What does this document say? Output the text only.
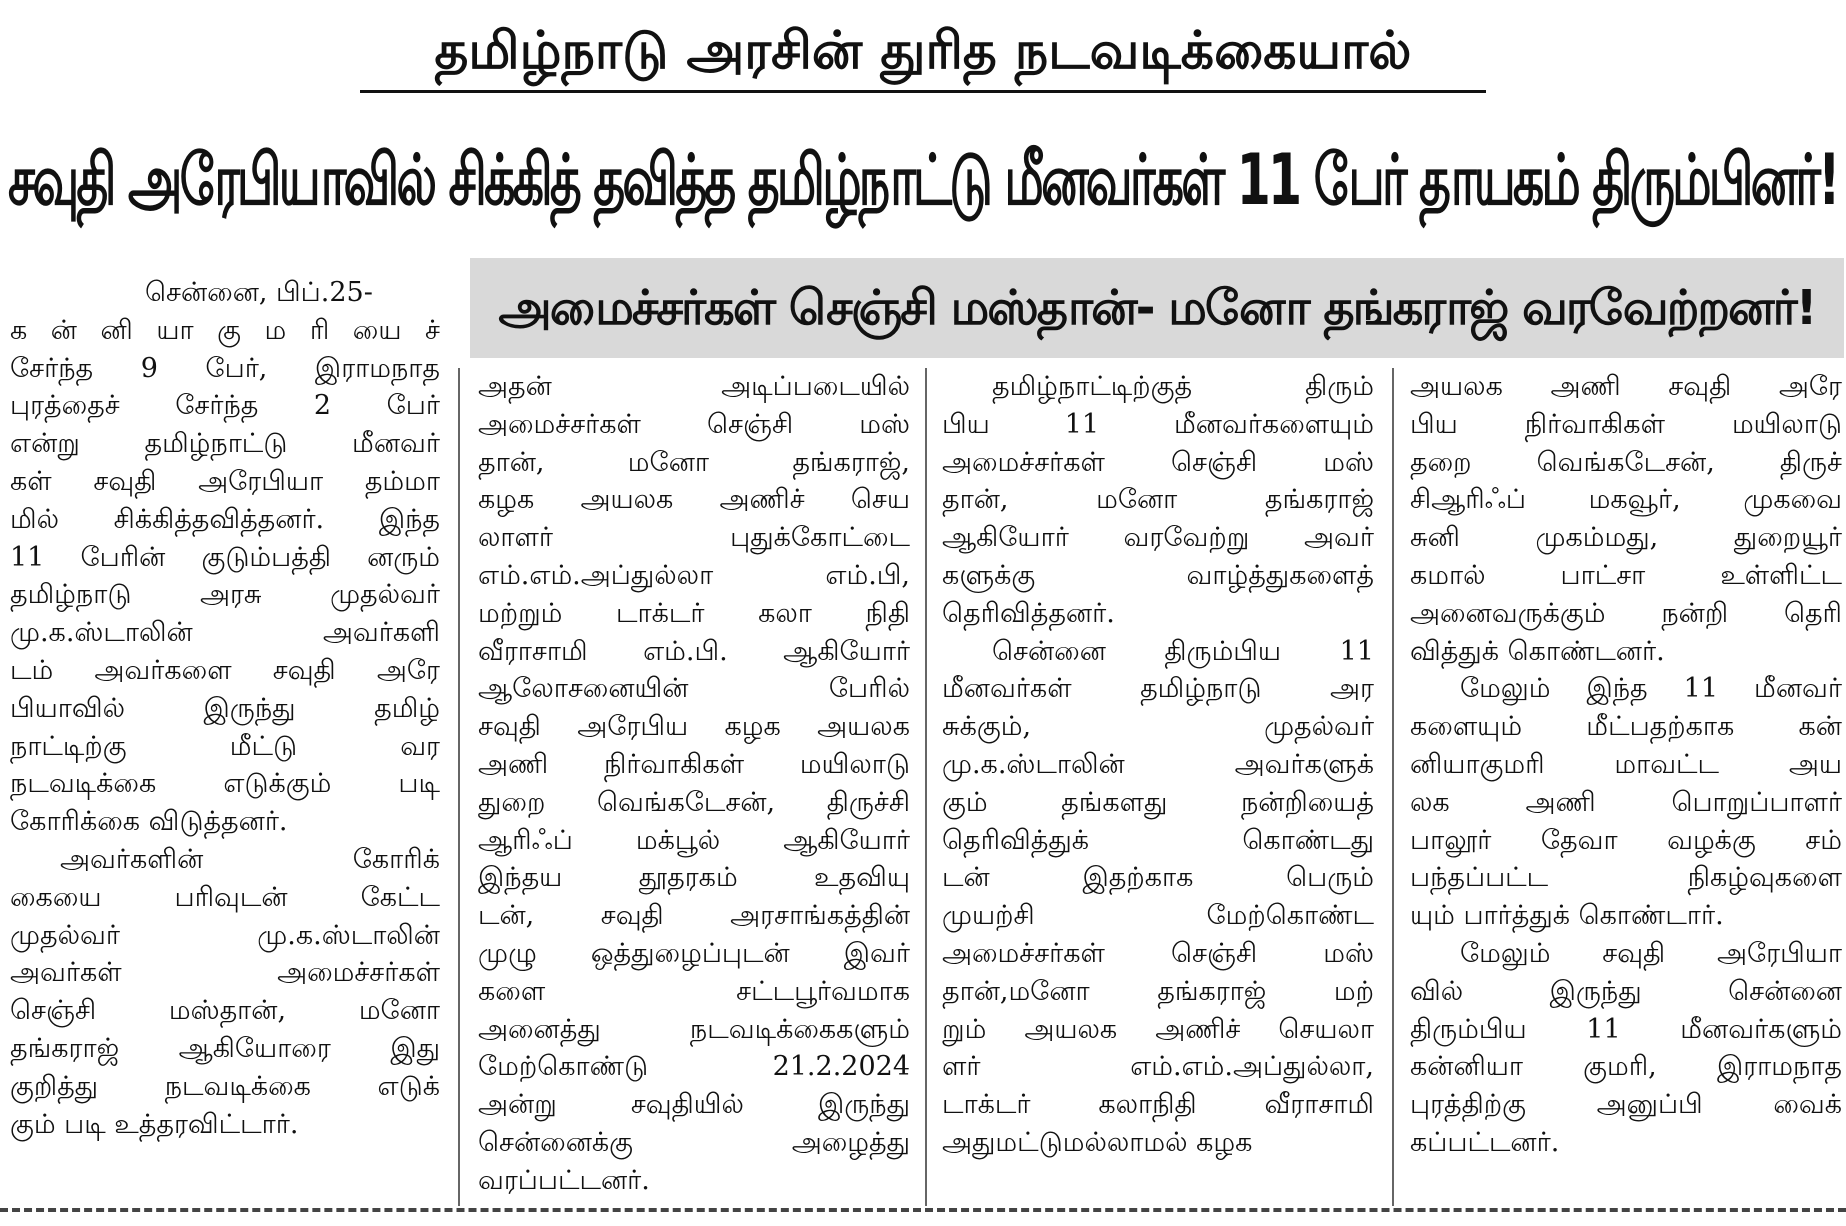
தமிழ்நாடு அரசின் துரித நடவடிக்கையால்
சவுதி அரேபியாவில் சிக்கித் தவித்த தமிழ்நாட்டு மீனவர்கள் 11 பேர் தாயகம் திரும்பினர்!
அமைச்சர்கள் செஞ்சி மஸ்தான்- மனோ தங்கராஜ் வரவேற்றனர்!
சென்னை, பிப்.25-
க ன் னி யா கு ம ரி யை ச்
சேர்ந்த 9 பேர், இராமநாத
புரத்தைச் சேர்ந்த 2 பேர்
என்று தமிழ்நாட்டு மீனவர்
கள் சவுதி அரேபியா தம்மா
மில் சிக்கித்தவித்தனர். இந்த
11 பேரின் குடும்பத்தி னரும்
தமிழ்நாடு அரசு முதல்வர்
மு.க.ஸ்டாலின் அவர்களி
டம் அவர்களை சவுதி அரே
பியாவில் இருந்து தமிழ்
நாட்டிற்கு மீட்டு வர
நடவடிக்கை எடுக்கும் படி
கோரிக்கை விடுத்தனர்.
அவர்களின் கோரிக்
கையை பரிவுடன் கேட்ட
முதல்வர் மு.க.ஸ்டாலின்
அவர்கள் அமைச்சர்கள்
செஞ்சி மஸ்தான், மனோ
தங்கராஜ் ஆகியோரை இது
குறித்து நடவடிக்கை எடுக்
கும் படி உத்தரவிட்டார்.
அதன் அடிப்படையில்
அமைச்சர்கள் செஞ்சி மஸ்
தான், மனோ தங்கராஜ்,
கழக அயலக அணிச் செய
லாளர் புதுக்கோட்டை
எம்.எம்.அப்துல்லா எம்.பி,
மற்றும் டாக்டர் கலா நிதி
வீராசாமி எம்.பி. ஆகியோர்
ஆலோசனையின் பேரில்
சவுதி அரேபிய கழக அயலக
அணி நிர்வாகிகள் மயிலாடு
துறை வெங்கடேசன், திருச்சி
ஆரிஃப் மக்பூல் ஆகியோர்
இந்தய தூதரகம் உதவியு
டன், சவுதி அரசாங்கத்தின்
முழு ஒத்துழைப்புடன் இவர்
களை சட்டபூர்வமாக
அனைத்து நடவடிக்கைகளும்
மேற்கொண்டு 21.2.2024
அன்று சவுதியில் இருந்து
சென்னைக்கு அழைத்து
வரப்பட்டனர்.
தமிழ்நாட்டிற்குத் திரும்
பிய 11 மீனவர்களையும்
அமைச்சர்கள் செஞ்சி மஸ்
தான், மனோ தங்கராஜ்
ஆகியோர் வரவேற்று அவர்
களுக்கு வாழ்த்துகளைத்
தெரிவித்தனர்.
சென்னை திரும்பிய 11
மீனவர்கள் தமிழ்நாடு அர
சுக்கும், முதல்வர்
மு.க.ஸ்டாலின் அவர்களுக்
கும் தங்களது நன்றியைத்
தெரிவித்துக் கொண்டது
டன் இதற்காக பெரும்
முயற்சி மேற்கொண்ட
அமைச்சர்கள் செஞ்சி மஸ்
தான்,மனோ தங்கராஜ் மற்
றும் அயலக அணிச் செயலா
ளர் எம்.எம்.அப்துல்லா,
டாக்டர் கலாநிதி வீராசாமி
அதுமட்டுமல்லாமல் கழக
அயலக அணி சவுதி அரே
பிய நிர்வாகிகள் மயிலாடு
தறை வெங்கடேசன், திருச்
சிஆரிஃப் மகவூர், முகவை
சுனி முகம்மது, துறையூர்
கமால் பாட்சா உள்ளிட்ட
அனைவருக்கும் நன்றி தெரி
வித்துக் கொண்டனர்.
மேலும் இந்த 11 மீனவர்
களையும் மீட்பதற்காக கன்
னியாகுமரி மாவட்ட அய
லக அணி பொறுப்பாளர்
பாலூர் தேவா வழக்கு சம்
பந்தப்பட்ட நிகழ்வுகளை
யும் பார்த்துக் கொண்டார்.
மேலும் சவுதி அரேபியா
வில் இருந்து சென்னை
திரும்பிய 11 மீனவர்களும்
கன்னியா குமரி, இராமநாத
புரத்திற்கு அனுப்பி வைக்
கப்பட்டனர்.
